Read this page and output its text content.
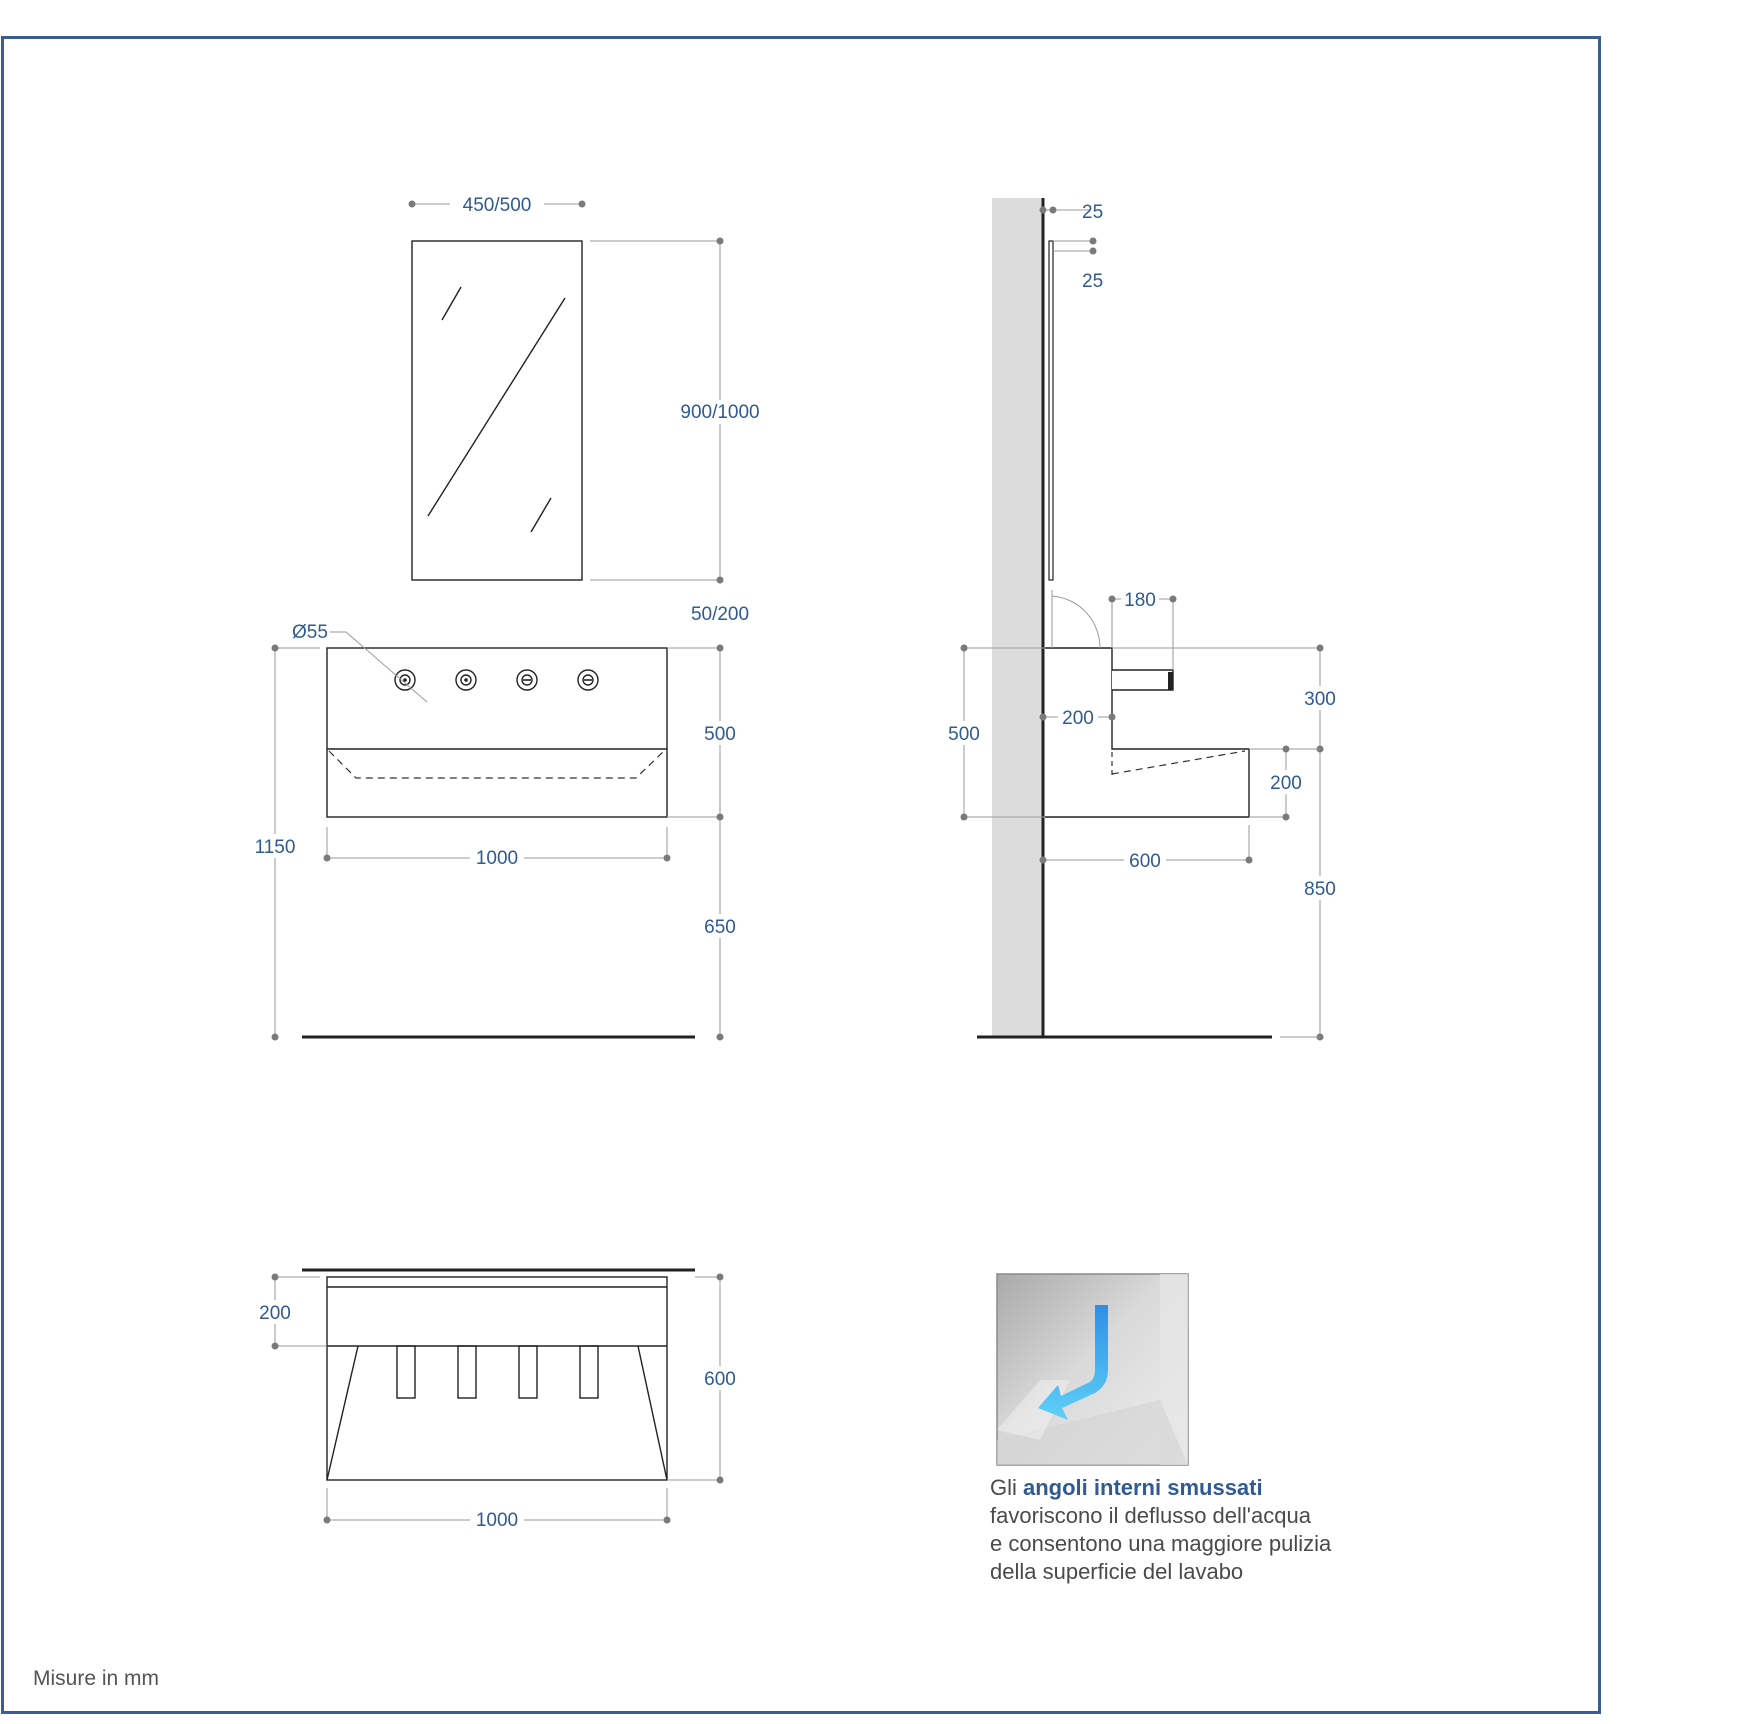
450/500
900/1000
50/200
Ø55
500
650
1000
1150
25
25
180
500
200
300
850
200
600
200
600
1000
Gli angoli interni smussati
favoriscono il deflusso dell'acqua
e consentono una maggiore pulizia
della superficie del lavabo
Misure in mm
